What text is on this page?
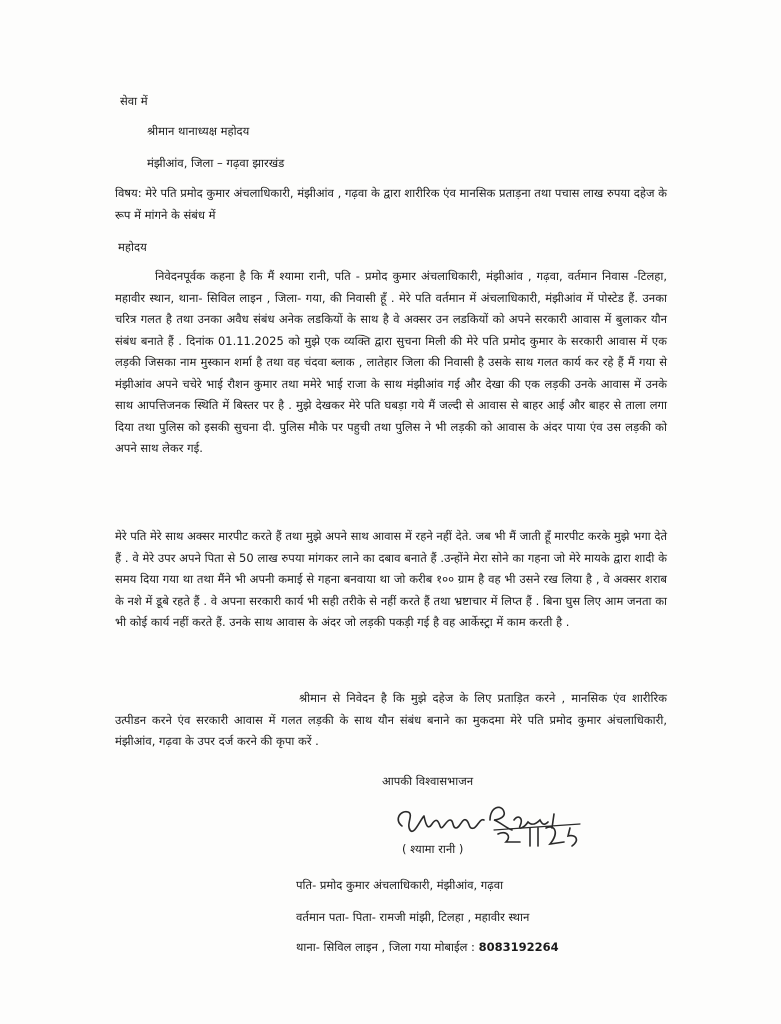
सेवा में
श्रीमान थानाध्यक्ष महोदय
मंझीआंव, जिला – गढ़वा झारखंड

विषय: मेरे पति प्रमोद कुमार अंचलाधिकारी, मंझीआंव , गढ़वा के द्वारा शारीरिक एंव मानसिक प्रताड़ना तथा पचास लाख रुपया दहेज के रूप में मांगने के संबंध में

महोदय

निवेदनपूर्वक कहना है कि मैं श्यामा रानी, पति - प्रमोद कुमार अंचलाधिकारी, मंझीआंव , गढ़वा, वर्तमान निवास -टिलहा, महावीर स्थान, थाना- सिविल लाइन , जिला- गया, की निवासी हूँ . मेरे पति वर्तमान में अंचलाधिकारी, मंझीआंव में पोस्टेड हैं. उनका चरित्र गलत है तथा उनका अवैध संबंध अनेक लडकियों के साथ है वे अक्सर उन लडकियों को अपने सरकारी आवास में बुलाकर यौन संबंध बनाते हैं . दिनांक 01.11.2025 को मुझे एक व्यक्ति द्वारा सुचना मिली की मेरे पति प्रमोद कुमार के सरकारी आवास में एक लड़की जिसका नाम मुस्कान शर्मा है तथा वह चंदवा ब्लाक , लातेहार जिला की निवासी है उसके साथ गलत कार्य कर रहे हैं मैं गया से मंझीआंव अपने चचेरे भाई रौशन कुमार तथा ममेरे भाई राजा के साथ मंझीआंव गई और देखा की एक लड़की उनके आवास में उनके साथ आपत्तिजनक स्थिति में बिस्तर पर है . मुझे देखकर मेरे पति घबड़ा गये मैं जल्दी से आवास से बाहर आई और बाहर से ताला लगा दिया तथा पुलिस को इसकी सुचना दी. पुलिस मौके पर पहुची तथा पुलिस ने भी लड़की को आवास के अंदर पाया एंव उस लड़की को अपने साथ लेकर गई.

मेरे पति मेरे साथ अक्सर मारपीट करते हैं तथा मुझे अपने साथ आवास में रहने नहीं देते. जब भी मैं जाती हूँ मारपीट करके मुझे भगा देते हैं . वे मेरे उपर अपने पिता से 50 लाख रुपया मांगकर लाने का दबाव बनाते हैं .उन्होंने मेरा सोने का गहना जो मेरे मायके द्वारा शादी के समय दिया गया था तथा मैंने भी अपनी कमाई से गहना बनवाया था जो करीब १०० ग्राम है वह भी उसने रख लिया है , वे अक्सर शराब के नशे में डूबे रहते हैं . वे अपना सरकारी कार्य भी सही तरीके से नहीं करते हैं तथा भ्रष्टाचार में लिप्त हैं . बिना घुस लिए आम जनता का भी कोई कार्य नहीं करते हैं. उनके साथ आवास के अंदर जो लड़की पकड़ी गई है वह आर्केस्ट्रा में काम करती है .

श्रीमान से निवेदन है कि मुझे दहेज के लिए प्रताड़ित करने , मानसिक एंव शारीरिक उत्पीडन करने एंव सरकारी आवास में गलत लड़की के साथ यौन संबंध बनाने का मुकदमा मेरे पति प्रमोद कुमार अंचलाधिकारी, मंझीआंव, गढ़वा के उपर दर्ज करने की कृपा करें .

आपकी विश्वासभाजन
( श्यामा रानी )
पति- प्रमोद कुमार अंचलाधिकारी, मंझीआंव, गढ़वा
वर्तमान पता- पिता- रामजी मांझी, टिलहा , महावीर स्थान
थाना- सिविल लाइन , जिला गया मोबाईल : 8083192264
